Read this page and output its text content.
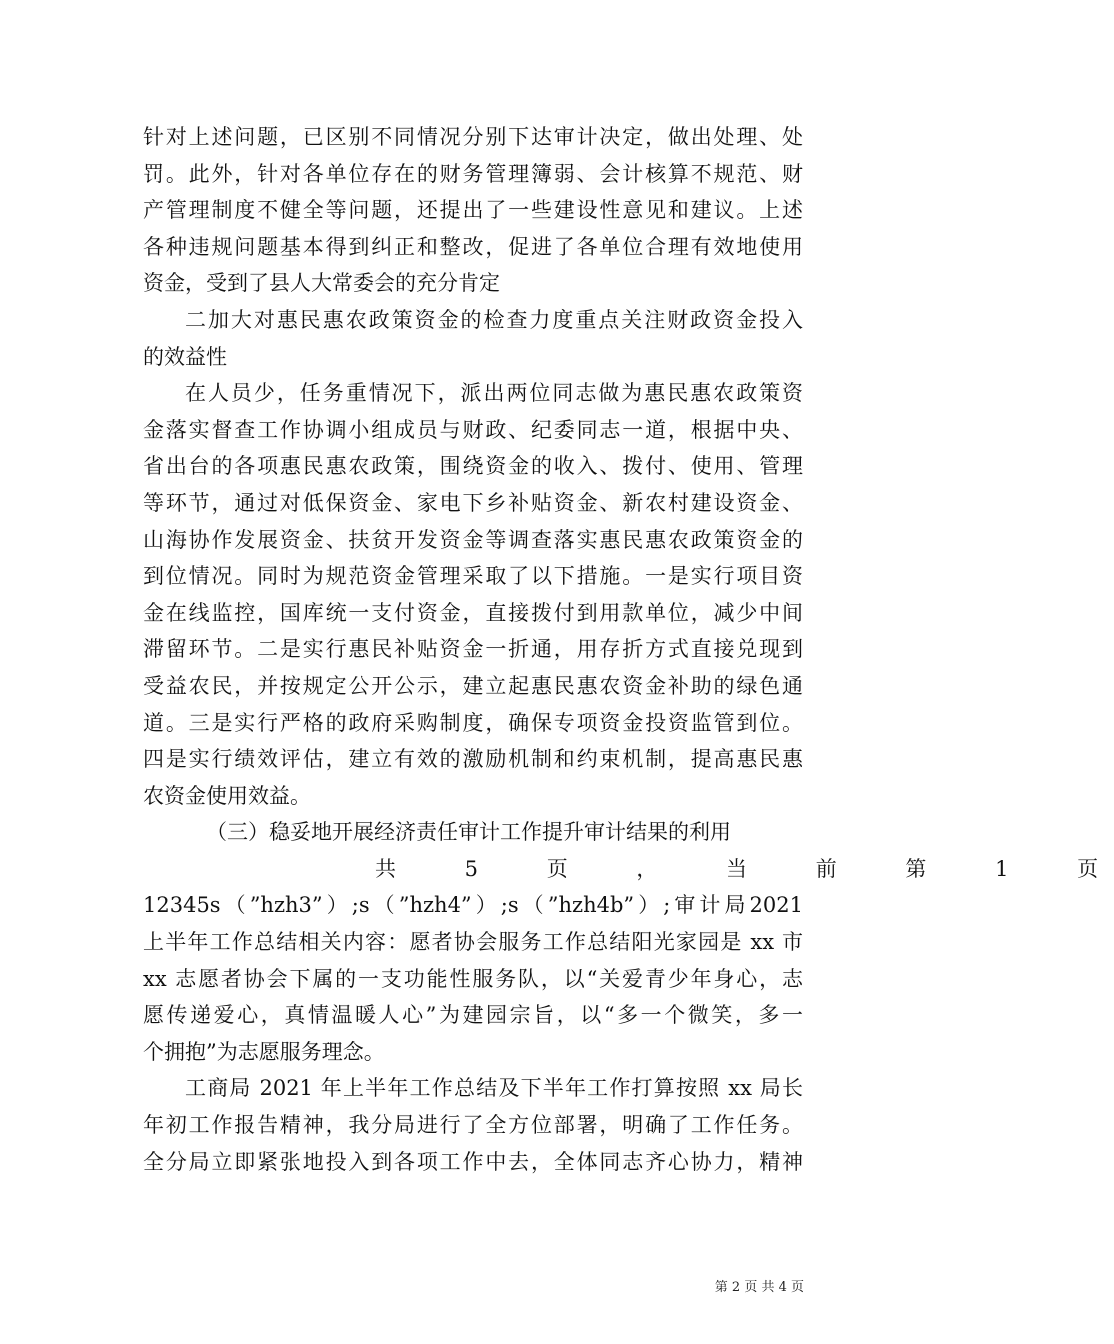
针对上述问题，已区别不同情况分别下达审计决定，做出处理、处
罚。此外，针对各单位存在的财务管理簿弱、会计核算不规范、财
产管理制度不健全等问题，还提出了一些建设性意见和建议。上述
各种违规问题基本得到纠正和整改，促进了各单位合理有效地使用
资金，受到了县人大常委会的充分肯定
二加大对惠民惠农政策资金的检查力度重点关注财政资金投入
的效益性
在人员少，任务重情况下，派出两位同志做为惠民惠农政策资
金落实督查工作协调小组成员与财政、纪委同志一道，根据中央、
省出台的各项惠民惠农政策，围绕资金的收入、拨付、使用、管理
等环节，通过对低保资金、家电下乡补贴资金、新农村建设资金、
山海协作发展资金、扶贫开发资金等调查落实惠民惠农政策资金的
到位情况。同时为规范资金管理采取了以下措施。一是实行项目资
金在线监控，国库统一支付资金，直接拨付到用款单位，减少中间
滞留环节。二是实行惠民补贴资金一折通，用存折方式直接兑现到
受益农民，并按规定公开公示，建立起惠民惠农资金补助的绿色通
道。三是实行严格的政府采购制度，确保专项资金投资监管到位。
四是实行绩效评估，建立有效的激励机制和约束机制，提高惠民惠
农资金使用效益。
（三）稳妥地开展经济责任审计工作提升审计结果的利用
共 5 页 ， 当 前 第 1 页
12345s（”hzh3”）;s（”hzh4”）;s（”hzh4b”）;审计局2021
上半年工作总结相关内容：愿者协会服务工作总结阳光家园是 xx 市
xx 志愿者协会下属的一支功能性服务队，以“关爱青少年身心，志
愿传递爱心，真情温暖人心”为建园宗旨，以“多一个微笑，多一
个拥抱”为志愿服务理念。
工商局 2021 年上半年工作总结及下半年工作打算按照 xx 局长
年初工作报告精神，我分局进行了全方位部署，明确了工作任务。
全分局立即紧张地投入到各项工作中去，全体同志齐心协力，精神
第 2 页 共 4 页
